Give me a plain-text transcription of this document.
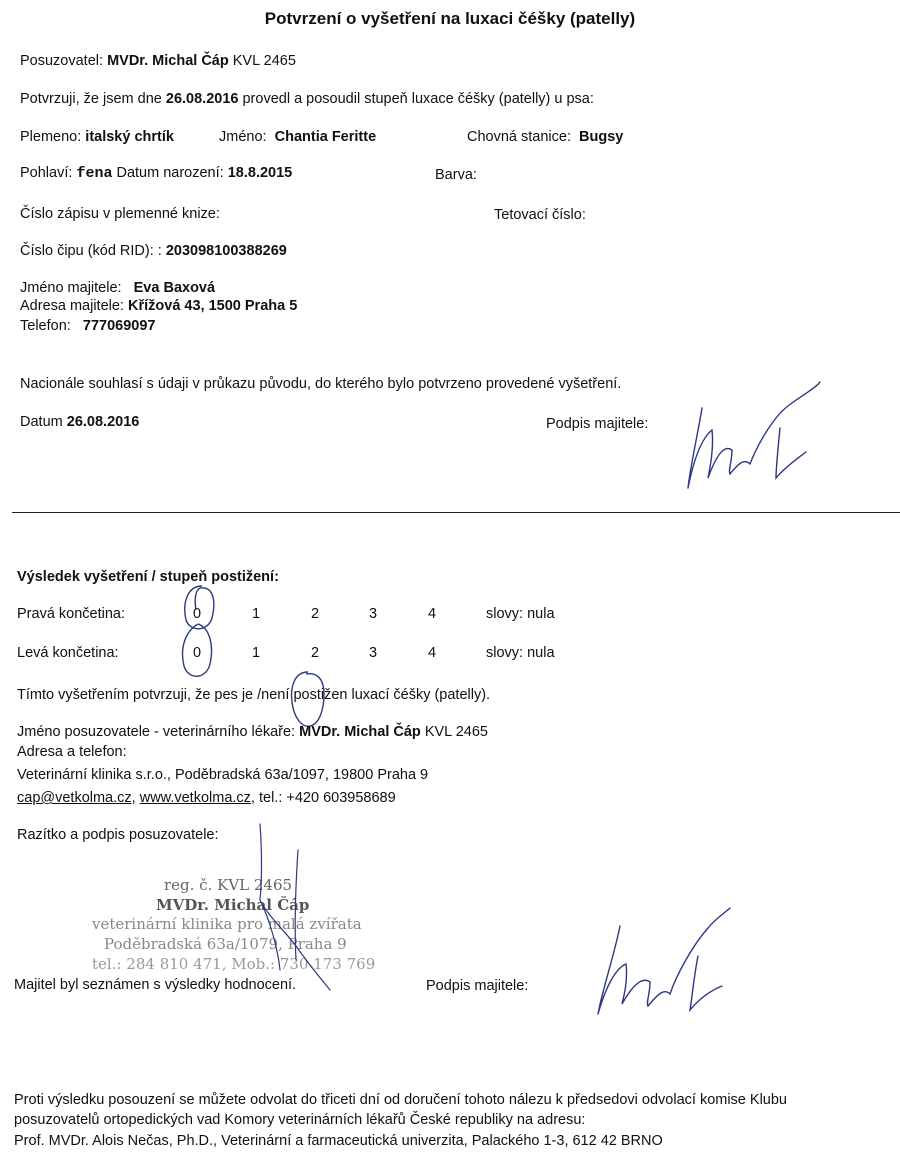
Potvrzení o vyšetření na luxaci čéšky (patelly)
Posuzovatel: MVDr. Michal Čáp KVL 2465
Potvrzuji, že jsem dne 26.08.2016 provedl a posoudil stupeň luxace čéšky (patelly) u psa:
Plemeno: italský chrtík	Jméno: Chantia Feritte	Chovná stanice: Bugsy
Pohlaví: fena Datum narození: 18.8.2015	Barva:
Číslo zápisu v plemenné knize:	Tetovací číslo:
Číslo čipu (kód RID): : 203098100388269
Jméno majitele: Eva Baxová
Adresa majitele: Křížová 43, 1500 Praha 5
Telefon: 777069097
Nacionále souhlasí s údaji v průkazu původu, do kterého bylo potvrzeno provedené vyšetření.
Datum 26.08.2016	Podpis majitele:
Výsledek vyšetření / stupeň postižení:
Pravá končetina:	0	1	2	3	4	slovy: nula
Levá končetina:	0	1	2	3	4	slovy: nula
Tímto vyšetřením potvrzuji, že pes je /není postižen luxací čéšky (patelly).
Jméno posuzovatele - veterinárního lékaře: MVDr. Michal Čáp KVL 2465
Adresa a telefon:
Veterinární klinika s.r.o., Poděbradská 63a/1097, 19800 Praha 9
cap@vetkolma.cz, www.vetkolma.cz, tel.: +420 603958689
Razítko a podpis posuzovatele:
reg. č. KVL 2465
MVDr. Michal Čáp
veterinární klinika pro malá zvířata
Poděbradská 63a/1079, Praha 9
tel.: 284 810 471, Mob.: 730 173 769
Majitel byl seznámen s výsledky hodnocení.	Podpis majitele:
Proti výsledku posouzení se můžete odvolat do třiceti dní od doručení tohoto nálezu k předsedovi odvolací komise Klubu
posuzovatelů ortopedických vad Komory veterinárních lékařů České republiky na adresu:
Prof. MVDr. Alois Nečas, Ph.D., Veterinární a farmaceutická univerzita, Palackého 1-3, 612 42 BRNO
